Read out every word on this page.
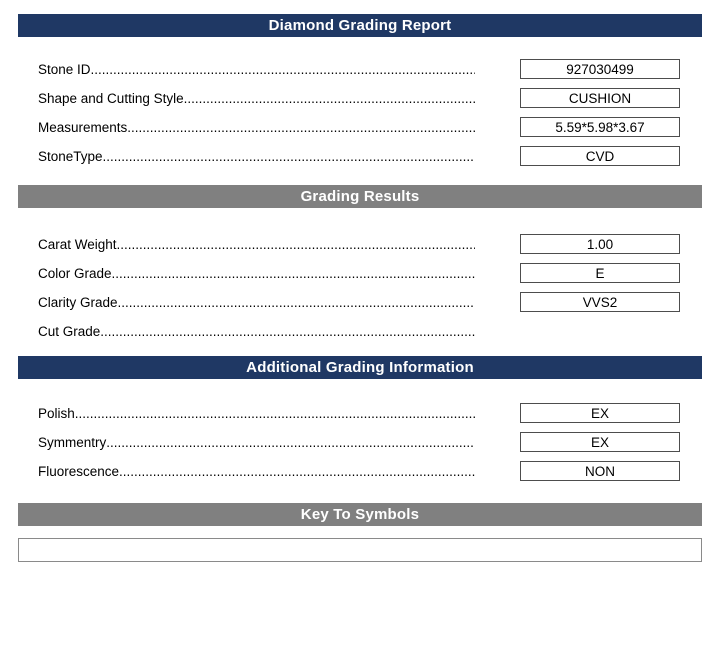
Diamond Grading Report
Stone ID
.....
927030499
Shape and Cutting Style
.....
CUSHION
Measurements
.....
5.59*5.98*3.67
StoneType
.....
CVD
Grading Results
Carat Weight
.....
1.00
Color Grade
.....
E
Clarity Grade
.....
VVS2
Cut Grade
.....
Additional Grading Information
Polish
.....
EX
Symmentry
.....
EX
Fluorescence
.....
NON
Key To Symbols
